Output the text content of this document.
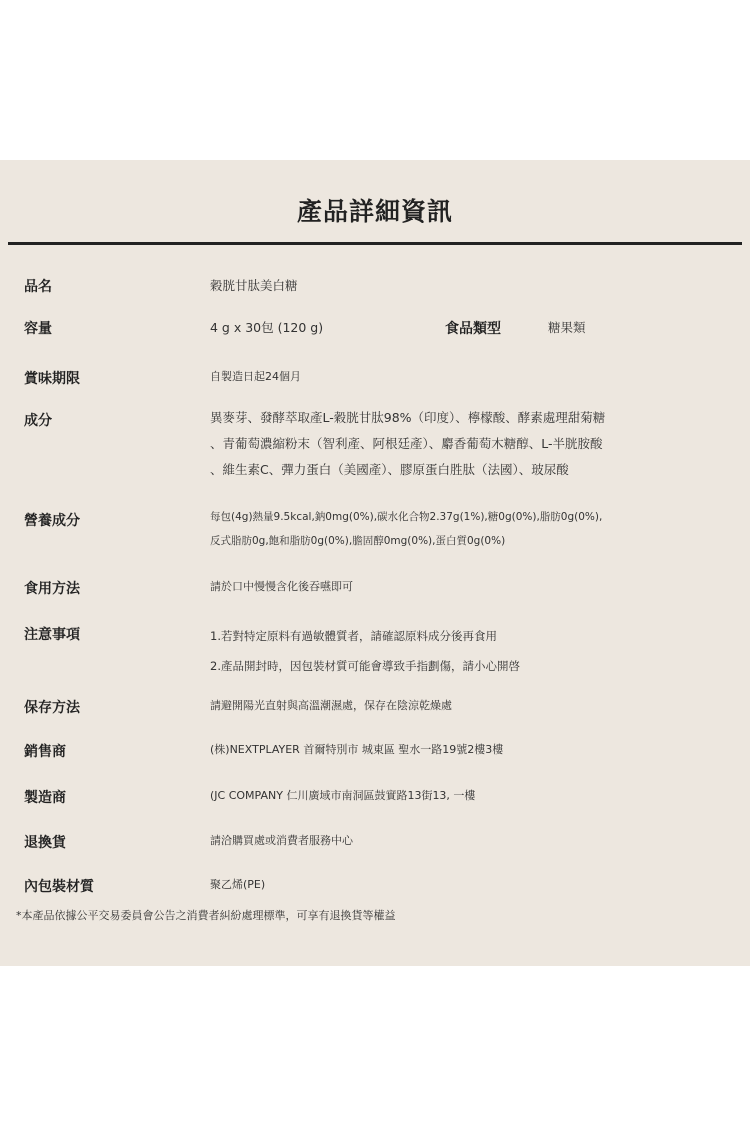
產品詳細資訊
品名	穀胱甘肽美白糖
容量	4 g x 30包 (120 g)	食品類型	糖果類
賞味期限	自製造日起24個月
成分	異麥芽、發酵萃取產L-穀胱甘肽98%（印度）、檸檬酸、酵素處理甜菊糖
、青葡萄濃縮粉末（智利產、阿根廷產）、麝香葡萄木糖醇、L-半胱胺酸
、維生素C、彈力蛋白（美國產）、膠原蛋白胜肽（法國）、玻尿酸
營養成分	每包(4g)熱量9.5kcal,鈉0mg(0%),碳水化合物2.37g(1%),糖0g(0%),脂肪0g(0%),
反式脂肪0g,飽和脂肪0g(0%),膽固醇0mg(0%),蛋白質0g(0%)
食用方法	請於口中慢慢含化後吞嚥即可
注意事項	1.若對特定原料有過敏體質者，請確認原料成分後再食用
2.產品開封時，因包裝材質可能會導致手指劃傷，請小心開啓
保存方法	請避開陽光直射與高溫潮濕處，保存在陰涼乾燥處
銷售商	(株)NEXTPLAYER 首爾特別市 城東區 聖水一路19號2樓3樓
製造商	(JC COMPANY 仁川廣域市南洞區鼓實路13街13, 一樓
退換貨	請洽購買處或消費者服務中心
內包裝材質	聚乙烯(PE)
*本產品依據公平交易委員會公告之消費者糾紛處理標準，可享有退換貨等權益
